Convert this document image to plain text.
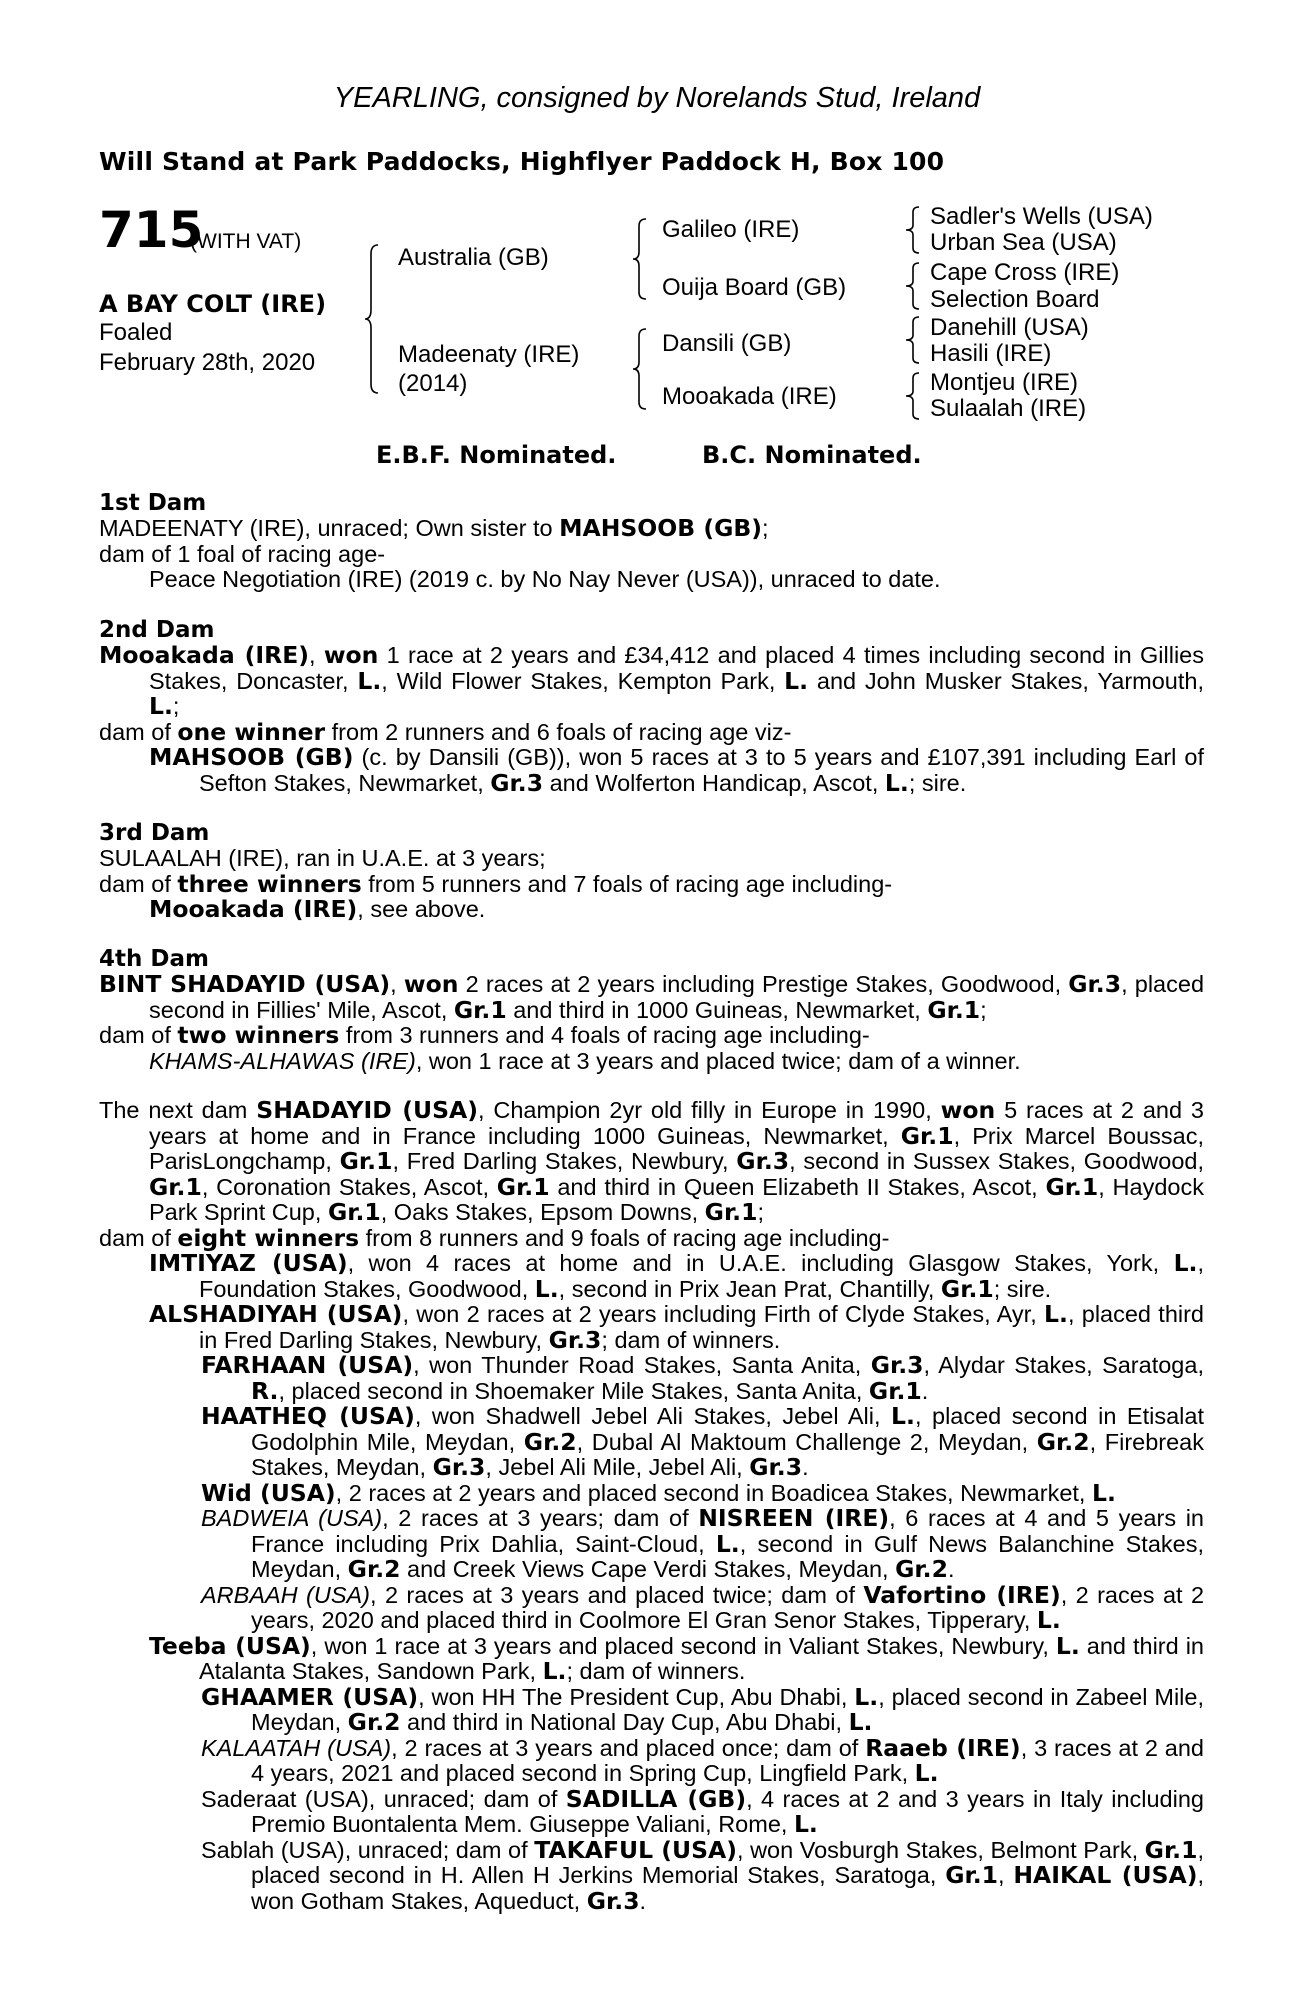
YEARLING, consigned by Norelands Stud, Ireland
Will Stand at Park Paddocks, Highflyer Paddock H, Box 100
715
(WITH VAT)
A BAY COLT (IRE)
Foaled
February 28th, 2020
Australia (GB)
Madeenaty (IRE)
(2014)
Galileo (IRE)
Ouija Board (GB)
Dansili (GB)
Mooakada (IRE)
Sadler's Wells (USA)
Urban Sea (USA)
Cape Cross (IRE)
Selection Board
Danehill (USA)
Hasili (IRE)
Montjeu (IRE)
Sulaalah (IRE)
E.B.F. Nominated.	B.C. Nominated.
1st Dam

MADEENATY (IRE), unraced; Own sister to MAHSOOB (GB);

dam of 1 foal of racing age-

Peace Negotiation (IRE) (2019 c. by No Nay Never (USA)), unraced to date.

2nd Dam

Mooakada (IRE), won 1 race at 2 years and £34,412 and placed 4 times including second in Gillies Stakes, Doncaster, L., Wild Flower Stakes, Kempton Park, L. and John Musker Stakes, Yarmouth, L.;

dam of one winner from 2 runners and 6 foals of racing age viz-

MAHSOOB (GB) (c. by Dansili (GB)), won 5 races at 3 to 5 years and £107,391 including Earl of Sefton Stakes, Newmarket, Gr.3 and Wolferton Handicap, Ascot, L.; sire.

3rd Dam

SULAALAH (IRE), ran in U.A.E. at 3 years;

dam of three winners from 5 runners and 7 foals of racing age including-

Mooakada (IRE), see above.

4th Dam

BINT SHADAYID (USA), won 2 races at 2 years including Prestige Stakes, Goodwood, Gr.3, placed second in Fillies' Mile, Ascot, Gr.1 and third in 1000 Guineas, Newmarket, Gr.1;

dam of two winners from 3 runners and 4 foals of racing age including-

KHAMS-ALHAWAS (IRE), won 1 race at 3 years and placed twice; dam of a winner.

The next dam SHADAYID (USA), Champion 2yr old filly in Europe in 1990, won 5 races at 2 and 3 years at home and in France including 1000 Guineas, Newmarket, Gr.1, Prix Marcel Boussac, ParisLongchamp, Gr.1, Fred Darling Stakes, Newbury, Gr.3, second in Sussex Stakes, Goodwood, Gr.1, Coronation Stakes, Ascot, Gr.1 and third in Queen Elizabeth II Stakes, Ascot, Gr.1, Haydock Park Sprint Cup, Gr.1, Oaks Stakes, Epsom Downs, Gr.1;

dam of eight winners from 8 runners and 9 foals of racing age including-

IMTIYAZ (USA), won 4 races at home and in U.A.E. including Glasgow Stakes, York, L., Foundation Stakes, Goodwood, L., second in Prix Jean Prat, Chantilly, Gr.1; sire.

ALSHADIYAH (USA), won 2 races at 2 years including Firth of Clyde Stakes, Ayr, L., placed third in Fred Darling Stakes, Newbury, Gr.3; dam of winners.

FARHAAN (USA), won Thunder Road Stakes, Santa Anita, Gr.3, Alydar Stakes, Saratoga, R., placed second in Shoemaker Mile Stakes, Santa Anita, Gr.1.

HAATHEQ (USA), won Shadwell Jebel Ali Stakes, Jebel Ali, L., placed second in Etisalat Godolphin Mile, Meydan, Gr.2, Dubal Al Maktoum Challenge 2, Meydan, Gr.2, Firebreak Stakes, Meydan, Gr.3, Jebel Ali Mile, Jebel Ali, Gr.3.

Wid (USA), 2 races at 2 years and placed second in Boadicea Stakes, Newmarket, L.

BADWEIA (USA), 2 races at 3 years; dam of NISREEN (IRE), 6 races at 4 and 5 years in France including Prix Dahlia, Saint-Cloud, L., second in Gulf News Balanchine Stakes, Meydan, Gr.2 and Creek Views Cape Verdi Stakes, Meydan, Gr.2.

ARBAAH (USA), 2 races at 3 years and placed twice; dam of Vafortino (IRE), 2 races at 2 years, 2020 and placed third in Coolmore El Gran Senor Stakes, Tipperary, L.

Teeba (USA), won 1 race at 3 years and placed second in Valiant Stakes, Newbury, L. and third in Atalanta Stakes, Sandown Park, L.; dam of winners.

GHAAMER (USA), won HH The President Cup, Abu Dhabi, L., placed second in Zabeel Mile, Meydan, Gr.2 and third in National Day Cup, Abu Dhabi, L.

KALAATAH (USA), 2 races at 3 years and placed once; dam of Raaeb (IRE), 3 races at 2 and 4 years, 2021 and placed second in Spring Cup, Lingfield Park, L.

Saderaat (USA), unraced; dam of SADILLA (GB), 4 races at 2 and 3 years in Italy including Premio Buontalenta Mem. Giuseppe Valiani, Rome, L.

Sablah (USA), unraced; dam of TAKAFUL (USA), won Vosburgh Stakes, Belmont Park, Gr.1, placed second in H. Allen H Jerkins Memorial Stakes, Saratoga, Gr.1, HAIKAL (USA), won Gotham Stakes, Aqueduct, Gr.3.
